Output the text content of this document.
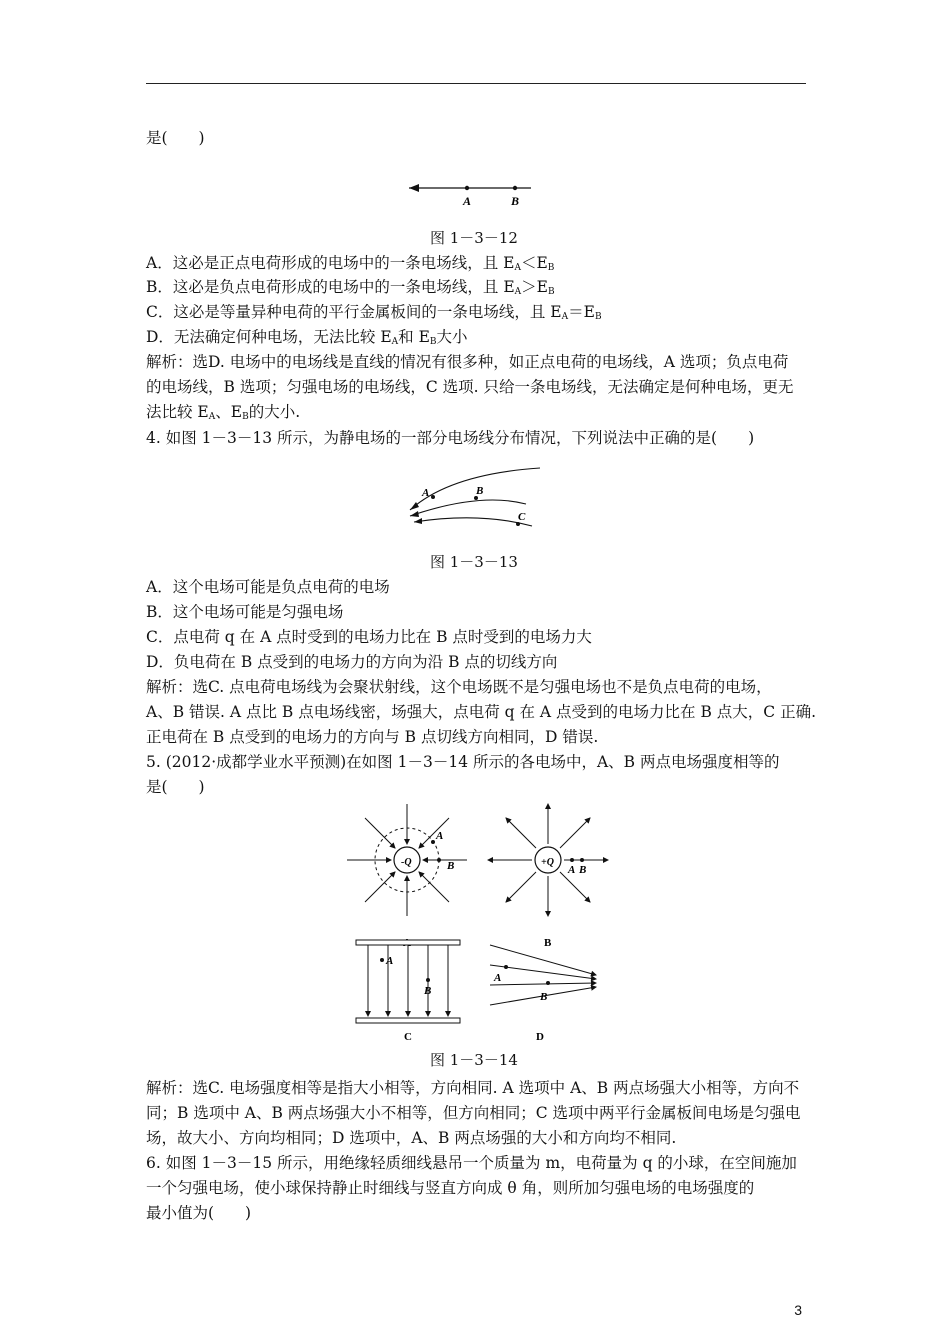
是(　　)
A	B
图 1－3－12
A．这必是正点电荷形成的电场中的一条电场线，且 $E_A<E_B$
B．这必是负点电荷形成的电场中的一条电场线，且 $E_A>E_B$
C．这必是等量异种电荷的平行金属板间的一条电场线，且 $E_A=E_B$
D．无法确定何种电场，无法比较 $E_A$和 $E_B$大小
解析：选D. 电场中的电场线是直线的情况有很多种，如正点电荷的电场线，A 选项；负点电荷
的电场线，B 选项；匀强电场的电场线，C 选项. 只给一条电场线，无法确定是何种电场，更无
法比较 $E_A$、$E_B$的大小.
4. 如图 1－3－13 所示，为静电场的一部分电场线分布情况，下列说法中正确的是(　　)
A	B
C
图 1－3－13
A．这个电场可能是负点电荷的电场
B．这个电场可能是匀强电场
C．点电荷 q 在 A 点时受到的电场力比在 B 点时受到的电场力大
D．负电荷在 B 点受到的电场力的方向为沿 B 点的切线方向
解析：选C. 点电荷电场线为会聚状射线，这个电场既不是匀强电场也不是负点电荷的电场，
A、B 错误. A 点比 B 点电场线密，场强大，点电荷 q 在 A 点受到的电场力比在 B 点大，C 正确.
正电荷在 B 点受到的电场力的方向与 B 点切线方向相同，D 错误.
5. (2012·成都学业水平预测)在如图 1－3－14 所示的各电场中，A、B 两点电场强度相等的
是(　　)
-Q
A
B	+Q
A B
B
A
B
C
A
B
D
图 1－3－14
解析：选C. 电场强度相等是指大小相等，方向相同. A 选项中 A、B 两点场强大小相等，方向不
同；B 选项中 A、B 两点场强大小不相等，但方向相同；C 选项中两平行金属板间电场是匀强电
场，故大小、方向均相同；D 选项中，A、B 两点场强的大小和方向均不相同.
6. 如图 1－3－15 所示，用绝缘轻质细线悬吊一个质量为 m，电荷量为 q 的小球，在空间施加
一个匀强电场，使小球保持静止时细线与竖直方向成 θ 角，则所加匀强电场的电场强度的
最小值为(　　)
3
